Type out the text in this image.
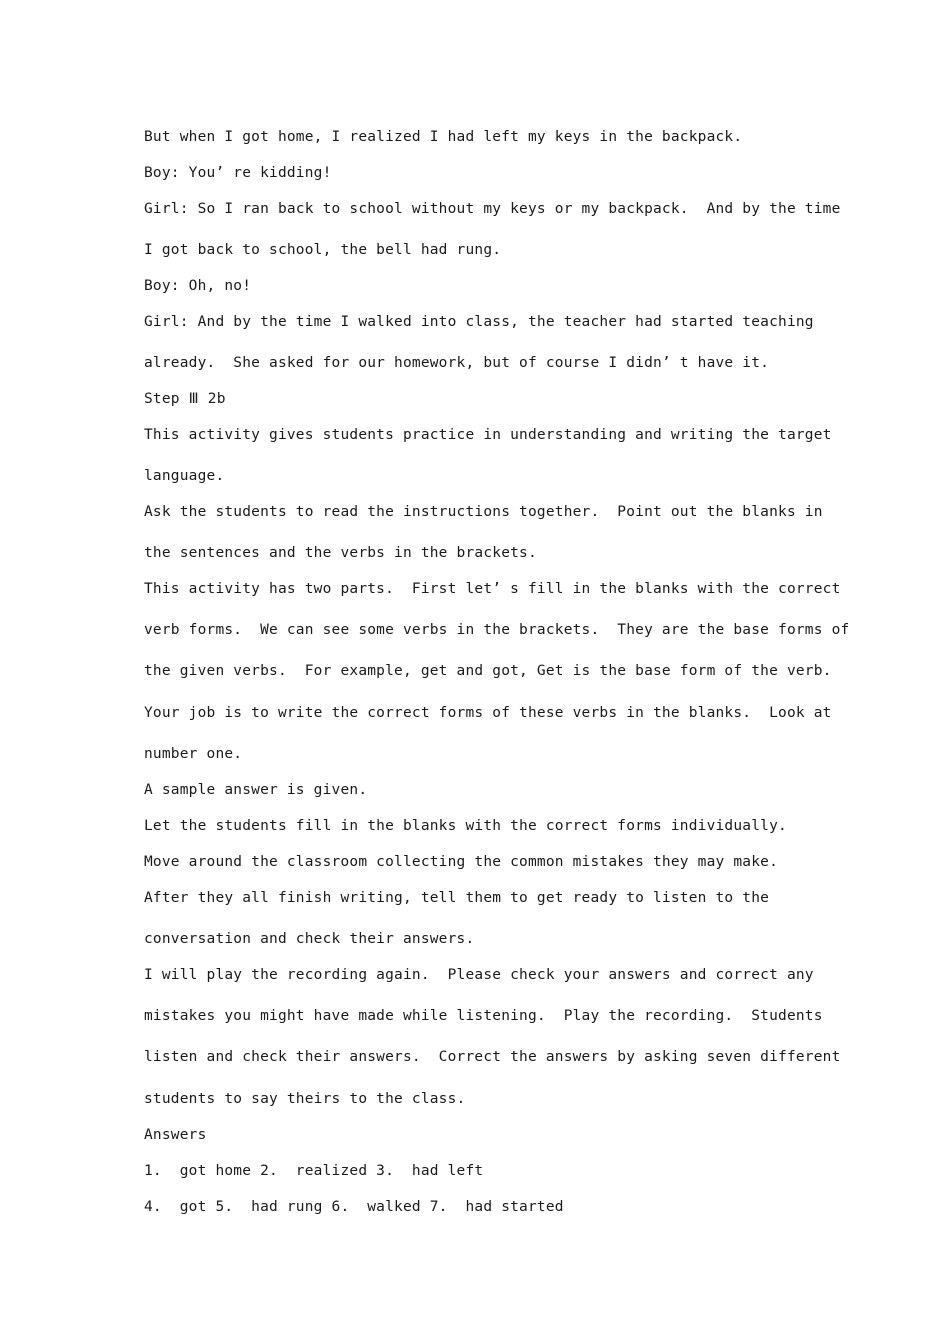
But when I got home, I realized I had left my keys in the backpack.
Boy: You’ re kidding!
Girl: So I ran back to school without my keys or my backpack.  And by the time
I got back to school, the bell had rung.
Boy: Oh, no!
Girl: And by the time I walked into class, the teacher had started teaching
already.  She asked for our homework, but of course I didn’ t have it.
Step Ⅲ 2b
This activity gives students practice in understanding and writing the target
language.
Ask the students to read the instructions together.  Point out the blanks in
the sentences and the verbs in the brackets.
This activity has two parts.  First let’ s fill in the blanks with the correct
verb forms.  We can see some verbs in the brackets.  They are the base forms of
the given verbs.  For example, get and got, Get is the base form of the verb.
Your job is to write the correct forms of these verbs in the blanks.  Look at
number one.
A sample answer is given.
Let the students fill in the blanks with the correct forms individually.
Move around the classroom collecting the common mistakes they may make.
After they all finish writing, tell them to get ready to listen to the
conversation and check their answers.
I will play the recording again.  Please check your answers and correct any
mistakes you might have made while listening.  Play the recording.  Students
listen and check their answers.  Correct the answers by asking seven different
students to say theirs to the class.
Answers
1.  got home 2.  realized 3.  had left
4.  got 5.  had rung 6.  walked 7.  had started
